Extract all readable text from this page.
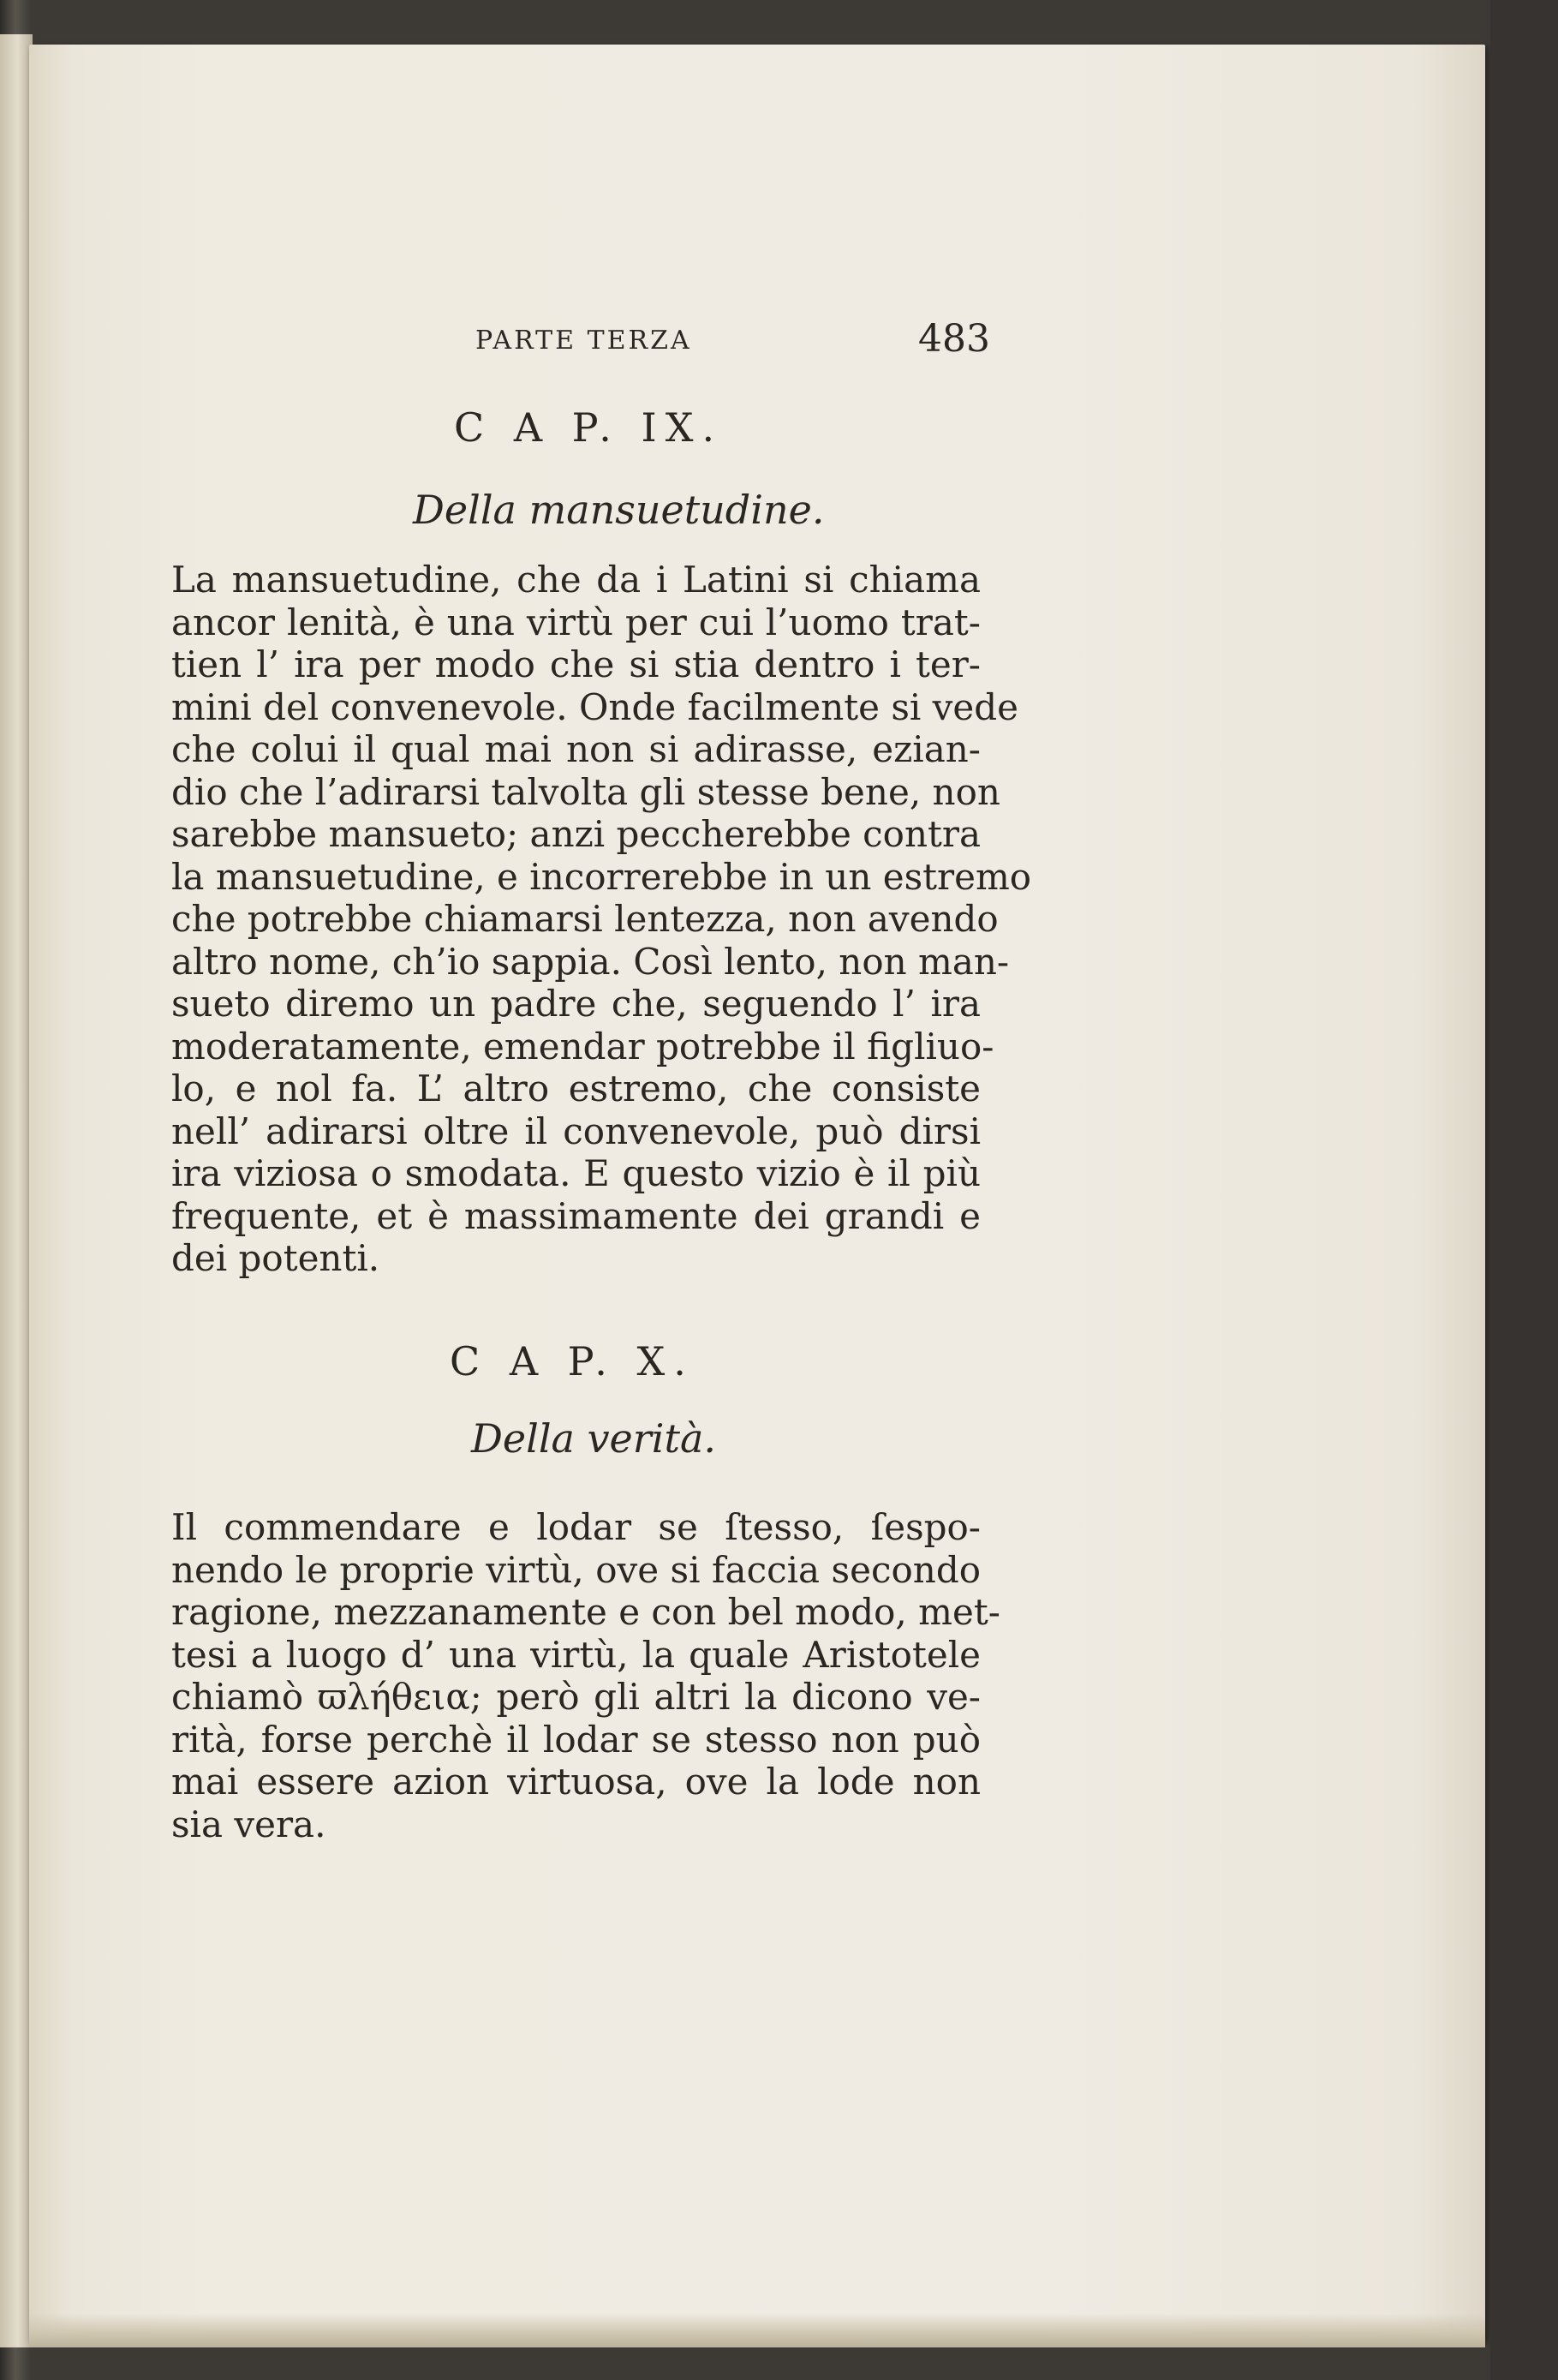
PARTE TERZA	483
C A P. IX.
Della mansuetudine.
La mansuetudine, che da i Latini si chiama
ancor lenità, è una virtù per cui l’uomo trat-
tien l’ ira per modo che si stia dentro i ter-
mini del convenevole. Onde facilmente si vede
che colui il qual mai non si adirasse, ezian-
dio che l’adirarsi talvolta gli stesse bene, non
sarebbe mansueto; anzi peccherebbe contra
la mansuetudine, e incorrerebbe in un estremo
che potrebbe chiamarsi lentezza, non avendo
altro nome, ch’io sappia. Così lento, non man-
sueto diremo un padre che, seguendo l’ ira
moderatamente, emendar potrebbe il figliuo-
lo, e nol fa. L’ altro estremo, che consiste
nell’ adirarsi oltre il convenevole, può dirsi
ira viziosa o smodata. E questo vizio è il più
frequente, et è massimamente dei grandi e
dei potenti.
C A P. X.
Della verità.
Il commendare e lodar se ſtesso, ſespo-
nendo le proprie virtù, ove si faccia secondo
ragione, mezzanamente e con bel modo, met-
tesi a luogo d’ una virtù, la quale Aristotele
chiamò ϖλήθεια; però gli altri la dicono ve-
rità, forse perchè il lodar se stesso non può
mai essere azion virtuosa, ove la lode non
sia vera.
